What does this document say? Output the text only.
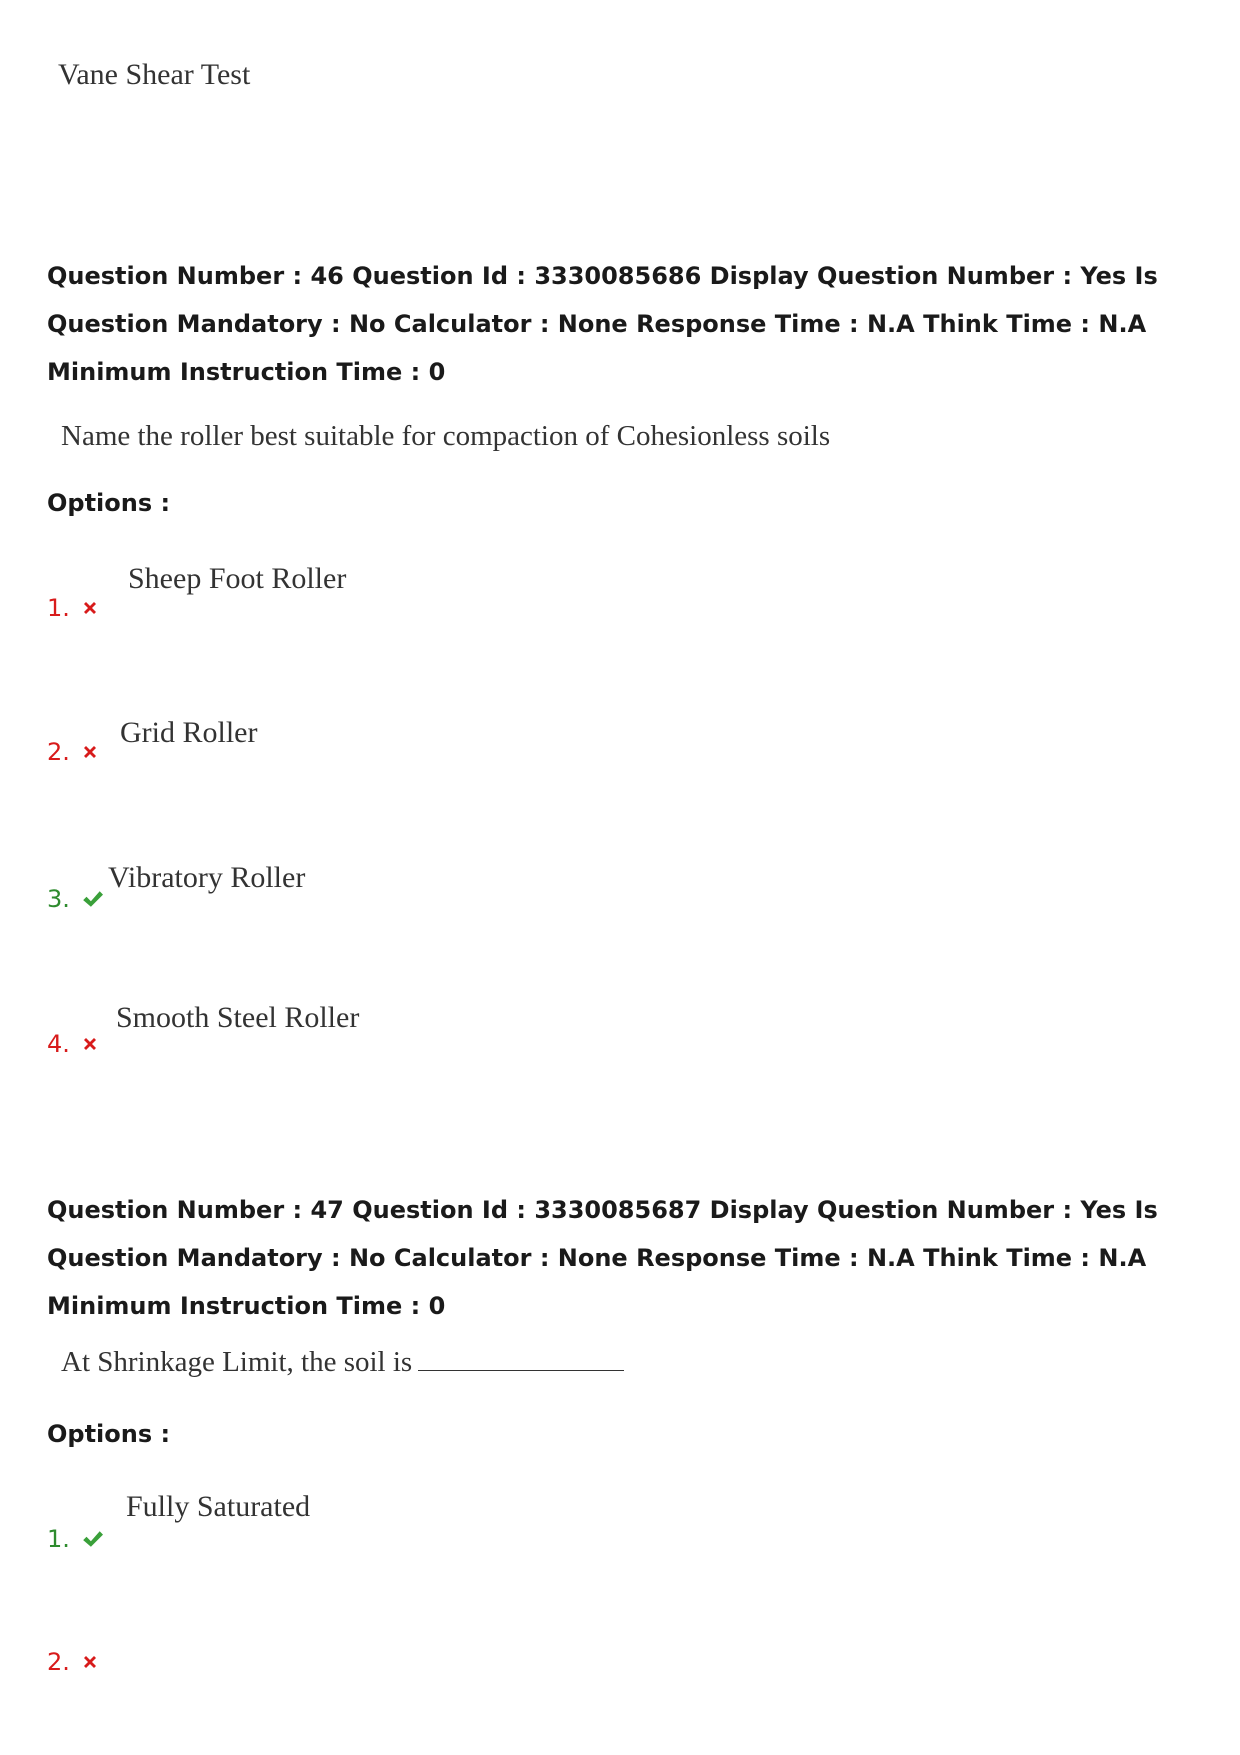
Vane Shear Test
Question Number : 46 Question Id : 3330085686 Display Question Number : Yes Is Question Mandatory : No Calculator : None Response Time : N.A Think Time : N.A Minimum Instruction Time : 0
Name the roller best suitable for compaction of Cohesionless soils
Options :
1.
Sheep Foot Roller
2.
Grid Roller
3.
Vibratory Roller
4.
Smooth Steel Roller
Question Number : 47 Question Id : 3330085687 Display Question Number : Yes Is Question Mandatory : No Calculator : None Response Time : N.A Think Time : N.A Minimum Instruction Time : 0
At Shrinkage Limit, the soil is
Options :
1.
Fully Saturated
2.
